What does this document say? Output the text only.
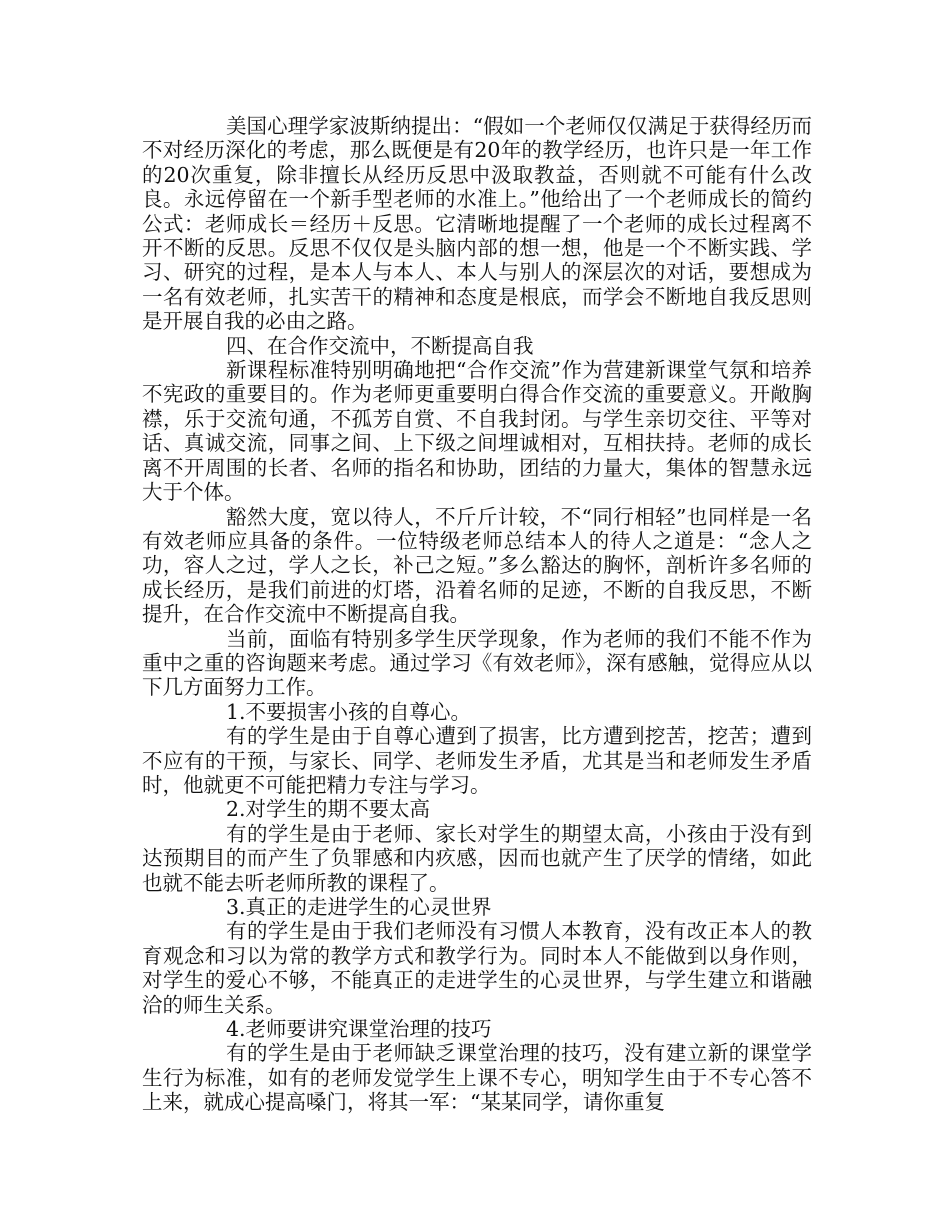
美国心理学家波斯纳提出：“假如一个老师仅仅满足于获得经历而不对经历深化的考虑，那么既便是有20年的教学经历，也许只是一年工作的20次重复，除非擅长从经历反思中汲取教益，否则就不可能有什么改良。永远停留在一个新手型老师的水准上。”他给出了一个老师成长的简约公式：老师成长＝经历＋反思。它清晰地提醒了一个老师的成长过程离不开不断的反思。反思不仅仅是头脑内部的想一想，他是一个不断实践、学习、研究的过程，是本人与本人、本人与别人的深层次的对话，要想成为一名有效老师，扎实苦干的精神和态度是根底，而学会不断地自我反思则是开展自我的必由之路。

四、在合作交流中，不断提高自我

新课程标准特别明确地把“合作交流”作为营建新课堂气氛和培养不宪政的重要目的。作为老师更重要明白得合作交流的重要意义。开敞胸襟，乐于交流句通，不孤芳自赏、不自我封闭。与学生亲切交往、平等对话、真诚交流，同事之间、上下级之间埋诚相对，互相扶持。老师的成长离不开周围的长者、名师的指名和协助，团结的力量大，集体的智慧永远大于个体。

豁然大度，宽以待人，不斤斤计较，不“同行相轻”也同样是一名有效老师应具备的条件。一位特级老师总结本人的待人之道是：“念人之功，容人之过，学人之长，补己之短。”多么豁达的胸怀，剖析许多名师的成长经历，是我们前进的灯塔，沿着名师的足迹，不断的自我反思，不断提升，在合作交流中不断提高自我。

当前，面临有特别多学生厌学现象，作为老师的我们不能不作为重中之重的咨询题来考虑。通过学习《有效老师》，深有感触，觉得应从以下几方面努力工作。

1.不要损害小孩的自尊心。

有的学生是由于自尊心遭到了损害，比方遭到挖苦，挖苦；遭到不应有的干预，与家长、同学、老师发生矛盾，尤其是当和老师发生矛盾时，他就更不可能把精力专注与学习。

2.对学生的期不要太高

有的学生是由于老师、家长对学生的期望太高，小孩由于没有到达预期目的而产生了负罪感和内疚感，因而也就产生了厌学的情绪，如此也就不能去听老师所教的课程了。

3.真正的走进学生的心灵世界

有的学生是由于我们老师没有习惯人本教育，没有改正本人的教育观念和习以为常的教学方式和教学行为。同时本人不能做到以身作则，对学生的爱心不够，不能真正的走进学生的心灵世界，与学生建立和谐融洽的师生关系。

4.老师要讲究课堂治理的技巧

有的学生是由于老师缺乏课堂治理的技巧，没有建立新的课堂学生行为标准，如有的老师发觉学生上课不专心，明知学生由于不专心答不上来，就成心提高嗓门，将其一军：“某某同学，请你重复
